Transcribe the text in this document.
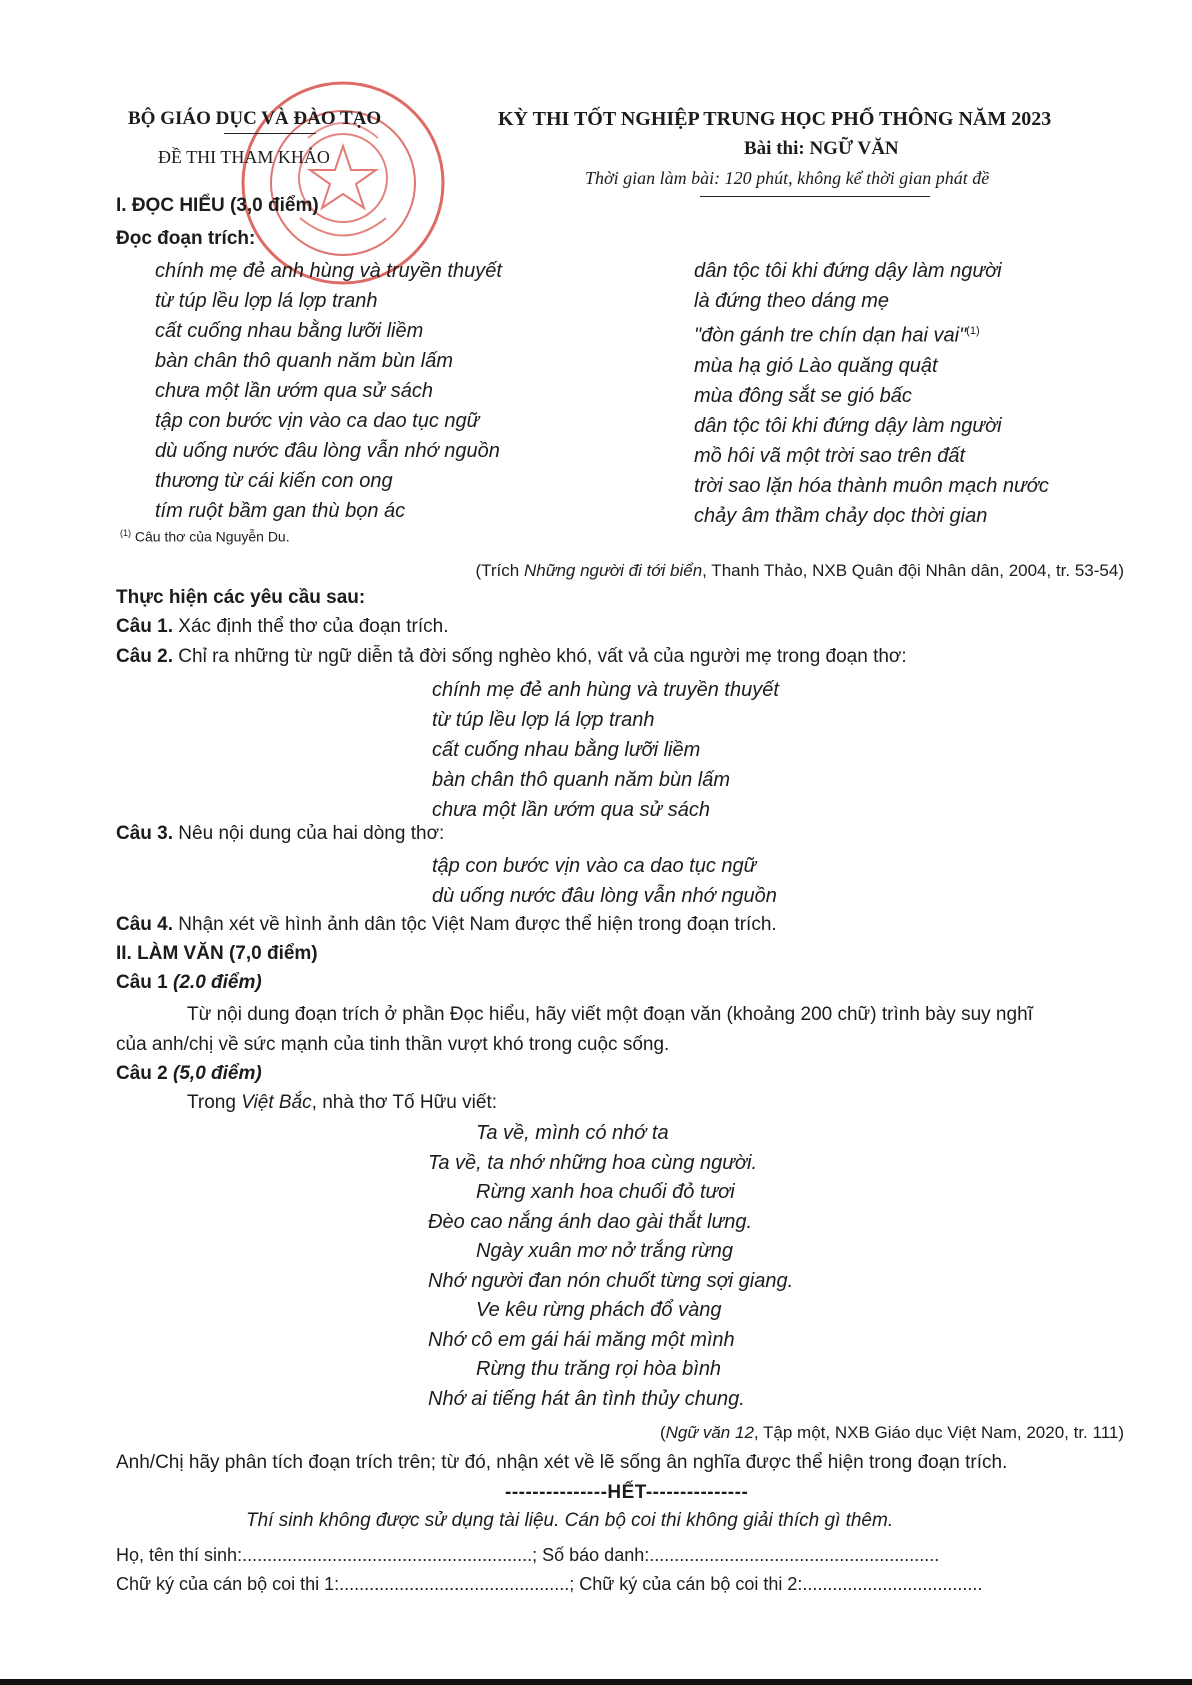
BỘ GIÁO DỤC VÀ ĐÀO TẠO
ĐỀ THI THAM KHẢO
KỲ THI TỐT NGHIỆP TRUNG HỌC PHỔ THÔNG NĂM 2023
Bài thi: NGỮ VĂN
Thời gian làm bài: 120 phút, không kể thời gian phát đề
I. ĐỌC HIỂU (3,0 điểm)
Đọc đoạn trích:
chính mẹ đẻ anh hùng và truyền thuyết
từ túp lều lợp lá lợp tranh
cất cuống nhau bằng lưỡi liềm
bàn chân thô quanh năm bùn lấm
chưa một lần ướm qua sử sách
tập con bước vịn vào ca dao tục ngữ
dù uống nước đâu lòng vẫn nhớ nguồn
thương từ cái kiến con ong
tím ruột bầm gan thù bọn ác
dân tộc tôi khi đứng dậy làm người
là đứng theo dáng mẹ
"đòn gánh tre chín dạn hai vai"$^{(1)}$
mùa hạ gió Lào quăng quật
mùa đông sắt se gió bấc
dân tộc tôi khi đứng dậy làm người
mồ hôi vã một trời sao trên đất
trời sao lặn hóa thành muôn mạch nước
chảy âm thầm chảy dọc thời gian
$^{(1)}$ Câu thơ của Nguyễn Du.
(Trích Những người đi tới biển, Thanh Thảo, NXB Quân đội Nhân dân, 2004, tr. 53-54)
Thực hiện các yêu cầu sau:
Câu 1. Xác định thể thơ của đoạn trích.
Câu 2. Chỉ ra những từ ngữ diễn tả đời sống nghèo khó, vất vả của người mẹ trong đoạn thơ:
chính mẹ đẻ anh hùng và truyền thuyết
từ túp lều lợp lá lợp tranh
cất cuống nhau bằng lưỡi liềm
bàn chân thô quanh năm bùn lấm
chưa một lần ướm qua sử sách
Câu 3. Nêu nội dung của hai dòng thơ:
tập con bước vịn vào ca dao tục ngữ
dù uống nước đâu lòng vẫn nhớ nguồn
Câu 4. Nhận xét về hình ảnh dân tộc Việt Nam được thể hiện trong đoạn trích.
II. LÀM VĂN (7,0 điểm)
Câu 1 (2.0 điểm)
Từ nội dung đoạn trích ở phần Đọc hiểu, hãy viết một đoạn văn (khoảng 200 chữ) trình bày suy nghĩ
của anh/chị về sức mạnh của tinh thần vượt khó trong cuộc sống.
Câu 2 (5,0 điểm)
Trong Việt Bắc, nhà thơ Tố Hữu viết:
Ta về, mình có nhớ ta
Ta về, ta nhớ những hoa cùng người.
Rừng xanh hoa chuối đỏ tươi
Đèo cao nắng ánh dao gài thắt lưng.
Ngày xuân mơ nở trắng rừng
Nhớ người đan nón chuốt từng sợi giang.
Ve kêu rừng phách đổ vàng
Nhớ cô em gái hái măng một mình
Rừng thu trăng rọi hòa bình
Nhớ ai tiếng hát ân tình thủy chung.
(Ngữ văn 12, Tập một, NXB Giáo dục Việt Nam, 2020, tr. 111)
Anh/Chị hãy phân tích đoạn trích trên; từ đó, nhận xét về lẽ sống ân nghĩa được thể hiện trong đoạn trích.
---------------HẾT---------------
Thí sinh không được sử dụng tài liệu. Cán bộ coi thi không giải thích gì thêm.
Họ, tên thí sinh:..........................................................; Số báo danh:..........................................................
Chữ ký của cán bộ coi thi 1:..............................................; Chữ ký của cán bộ coi thi 2:....................................
